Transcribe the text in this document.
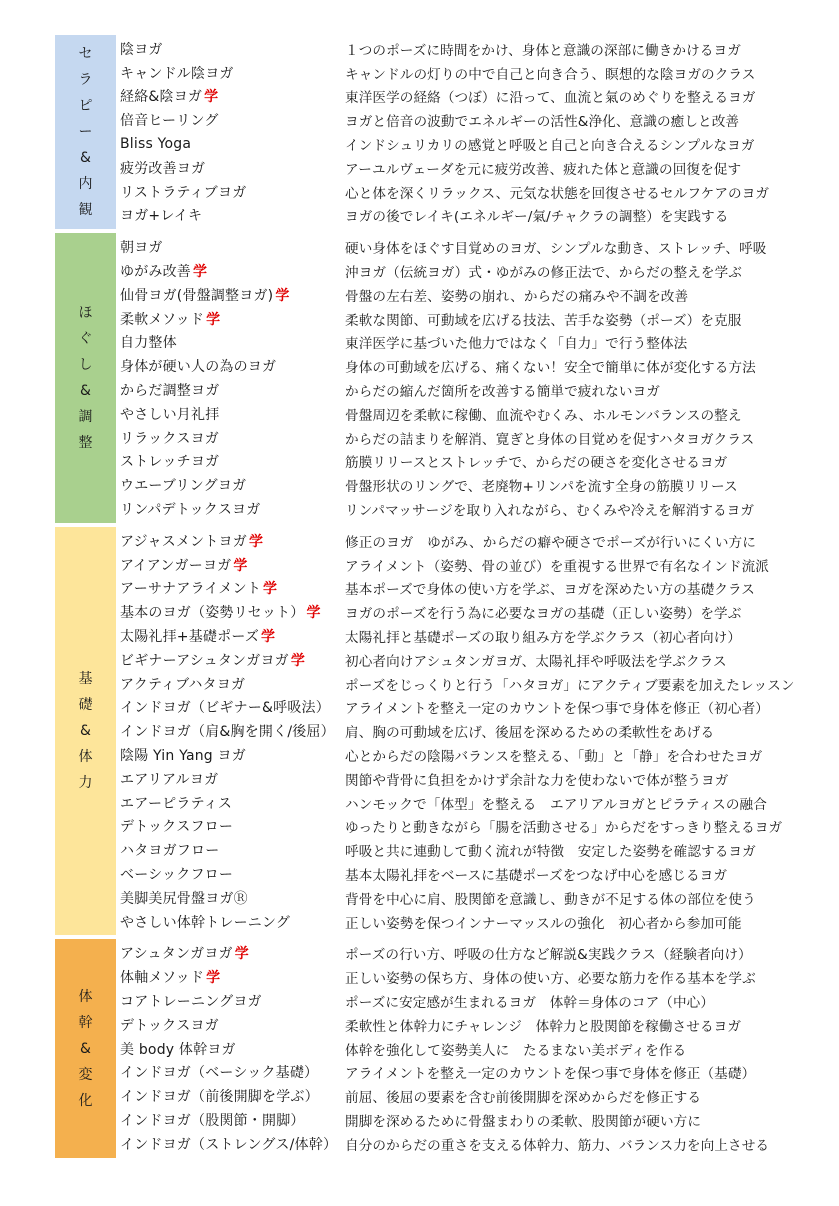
セ
ラ
ピ
ー
&
内
観
陰ヨガ	１つのポーズに時間をかけ、身体と意識の深部に働きかけるヨガ
キャンドル陰ヨガ	キャンドルの灯りの中で自己と向き合う、瞑想的な陰ヨガのクラス
経絡&陰ヨガ 学	東洋医学の経絡（つぼ）に沿って、血流と氣のめぐりを整えるヨガ
倍音ヒーリング	ヨガと倍音の波動でエネルギーの活性&浄化、意識の癒しと改善
Bliss Yoga	インドシュリカリの感覚と呼吸と自己と向き合えるシンプルなヨガ
疲労改善ヨガ	アーユルヴェーダを元に疲労改善、疲れた体と意識の回復を促す
リストラティブヨガ	心と体を深くリラックス、元気な状態を回復させるセルフケアのヨガ
ヨガ+レイキ	ヨガの後でレイキ(エネルギー/氣/チャクラの調整）を実践する
ほ
ぐ
し
&
調
整
朝ヨガ	硬い身体をほぐす目覚めのヨガ、シンプルな動き、ストレッチ、呼吸
ゆがみ改善 学	沖ヨガ（伝統ヨガ）式・ゆがみの修正法で、からだの整えを学ぶ
仙骨ヨガ(骨盤調整ヨガ) 学	骨盤の左右差、姿勢の崩れ、からだの痛みや不調を改善
柔軟メソッド 学	柔軟な関節、可動域を広げる技法、苦手な姿勢（ポーズ）を克服
自力整体	東洋医学に基づいた他力ではなく「自力」で行う整体法
身体が硬い人の為のヨガ	身体の可動域を広げる、痛くない！安全で簡単に体が変化する方法
からだ調整ヨガ	からだの縮んだ箇所を改善する簡単で疲れないヨガ
やさしい月礼拝	骨盤周辺を柔軟に稼働、血流やむくみ、ホルモンバランスの整え
リラックスヨガ	からだの詰まりを解消、寛ぎと身体の目覚めを促すハタヨガクラス
ストレッチヨガ	筋膜リリースとストレッチで、からだの硬さを変化させるヨガ
ウエーブリングヨガ	骨盤形状のリングで、老廃物+リンパを流す全身の筋膜リリース
リンパデトックスヨガ	リンパマッサージを取り入れながら、むくみや冷えを解消するヨガ
基
礎
&
体
力
アジャスメントヨガ 学	修正のヨガ　ゆがみ、からだの癖や硬さでポーズが行いにくい方に
アイアンガーヨガ 学	アライメント（姿勢、骨の並び）を重視する世界で有名なインド流派
アーサナアライメント 学	基本ポーズで身体の使い方を学ぶ、ヨガを深めたい方の基礎クラス
基本のヨガ（姿勢リセット） 学	ヨガのポーズを行う為に必要なヨガの基礎（正しい姿勢）を学ぶ
太陽礼拝+基礎ポーズ 学	太陽礼拝と基礎ポーズの取り組み方を学ぶクラス（初心者向け）
ビギナーアシュタンガヨガ 学	初心者向けアシュタンガヨガ、太陽礼拝や呼吸法を学ぶクラス
アクティブハタヨガ	ポーズをじっくりと行う「ハタヨガ」にアクティブ要素を加えたレッスン
インドヨガ（ビギナー&呼吸法）	アライメントを整え一定のカウントを保つ事で身体を修正（初心者）
インドヨガ（肩&胸を開く/後屈） 肩、胸の可動域を広げ、後屈を深めるための柔軟性をあげる
陰陽 Yin Yang ヨガ	心とからだの陰陽バランスを整える、「動」と「静」を合わせたヨガ
エアリアルヨガ	関節や背骨に負担をかけず余計な力を使わないで体が整うヨガ
エアーピラティス	ハンモックで「体型」を整える　エアリアルヨガとピラティスの融合
デトックスフロー	ゆったりと動きながら「腸を活動させる」からだをすっきり整えるヨガ
ハタヨガフロー	呼吸と共に連動して動く流れが特徴　安定した姿勢を確認するヨガ
ベーシックフロー	基本太陽礼拝をベースに基礎ポーズをつなげ中心を感じるヨガ
美脚美尻骨盤ヨガⓇ	背骨を中心に肩、股関節を意識し、動きが不足する体の部位を使う
やさしい体幹トレーニング	正しい姿勢を保つインナーマッスルの強化　初心者から参加可能
体
幹
&
変
化
アシュタンガヨガ 学	ポーズの行い方、呼吸の仕方など解説&実践クラス（経験者向け）
体軸メソッド 学	正しい姿勢の保ち方、身体の使い方、必要な筋力を作る基本を学ぶ
コアトレーニングヨガ	ポーズに安定感が生まれるヨガ　体幹＝身体のコア（中心）
デトックスヨガ	柔軟性と体幹力にチャレンジ　体幹力と股関節を稼働させるヨガ
美 body 体幹ヨガ	体幹を強化して姿勢美人に　たるまない美ボディを作る
インドヨガ（ベーシック基礎）	アライメントを整え一定のカウントを保つ事で身体を修正（基礎）
インドヨガ（前後開脚を学ぶ）	前屈、後屈の要素を含む前後開脚を深めからだを修正する
インドヨガ（股関節・開脚）	開脚を深めるために骨盤まわりの柔軟、股関節が硬い方に
インドヨガ（ストレングス/体幹） 自分のからだの重さを支える体幹力、筋力、バランス力を向上させる
